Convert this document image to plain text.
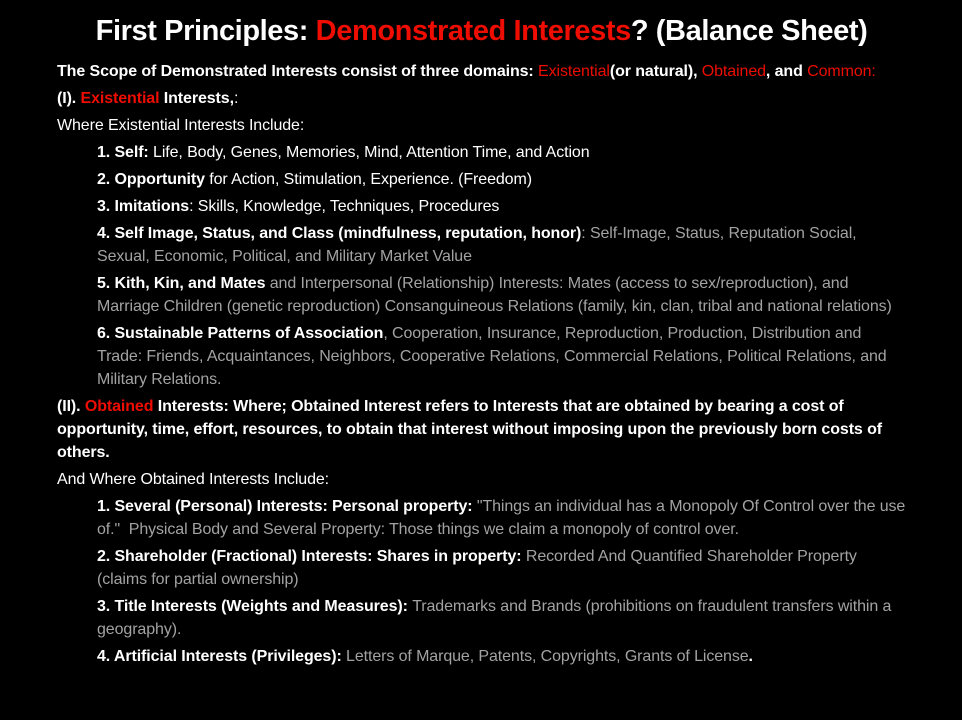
First Principles: Demonstrated Interests? (Balance Sheet)

The Scope of Demonstrated Interests consist of three domains: Existential(or natural), Obtained, and Common:

(I). Existential Interests,:

Where Existential Interests Include:

1. Self: Life, Body, Genes, Memories, Mind, Attention Time, and Action

2. Opportunity for Action, Stimulation, Experience. (Freedom)

3. Imitations: Skills, Knowledge, Techniques, Procedures

4. Self Image, Status, and Class (mindfulness, reputation, honor): Self-Image, Status, Reputation Social, Sexual, Economic, Political, and Military Market Value

5. Kith, Kin, and Mates and Interpersonal (Relationship) Interests: Mates (access to sex/reproduction), and Marriage Children (genetic reproduction) Consanguineous Relations (family, kin, clan, tribal and national relations)

6. Sustainable Patterns of Association, Cooperation, Insurance, Reproduction, Production, Distribution and Trade: Friends, Acquaintances, Neighbors, Cooperative Relations, Commercial Relations, Political Relations, and Military Relations.

(II). Obtained Interests: Where; Obtained Interest refers to Interests that are obtained by bearing a cost of opportunity, time, effort, resources, to obtain that interest without imposing upon the previously born costs of others.

And Where Obtained Interests Include:

1. Several (Personal) Interests: Personal property: "Things an individual has a Monopoly Of Control over the use of."  Physical Body and Several Property: Those things we claim a monopoly of control over.

2. Shareholder (Fractional) Interests: Shares in property: Recorded And Quantified Shareholder Property (claims for partial ownership)

3. Title Interests (Weights and Measures): Trademarks and Brands (prohibitions on fraudulent transfers within a geography).

4. Artificial Interests (Privileges): Letters of Marque, Patents, Copyrights, Grants of License.
